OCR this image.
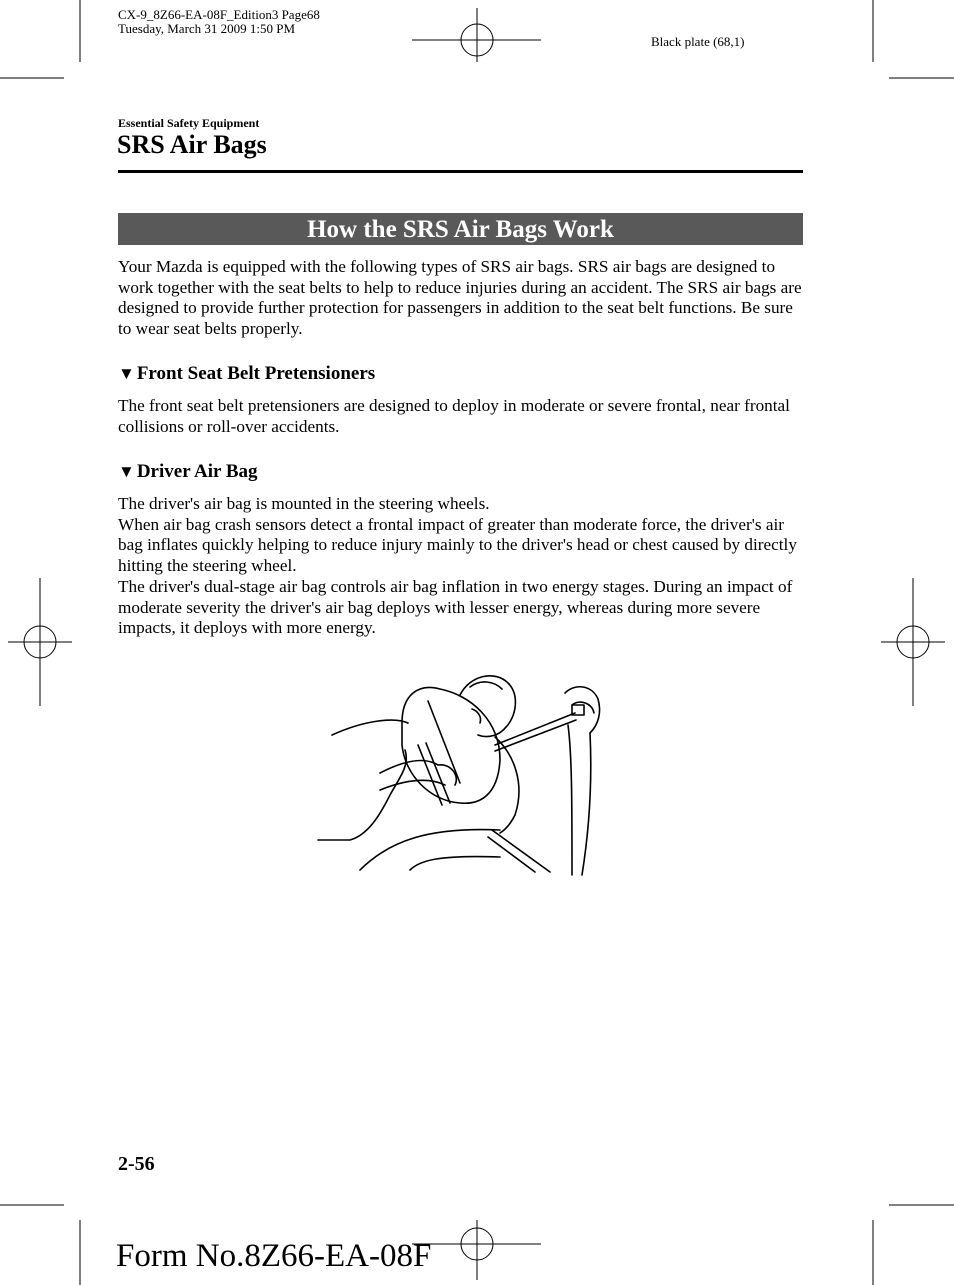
CX-9_8Z66-EA-08F_Edition3 Page68
Tuesday, March 31 2009 1:50 PM
Black plate (68,1)
Essential Safety Equipment
SRS Air Bags
How the SRS Air Bags Work
Your Mazda is equipped with the following types of SRS air bags. SRS air bags are designed to work together with the seat belts to help to reduce injuries during an accident. The SRS air bags are designed to provide further protection for passengers in addition to the seat belt functions. Be sure to wear seat belts properly.
▼ Front Seat Belt Pretensioners

The front seat belt pretensioners are designed to deploy in moderate or severe frontal, near frontal collisions or roll-over accidents.

▼ Driver Air Bag

The driver's air bag is mounted in the steering wheels.

When air bag crash sensors detect a frontal impact of greater than moderate force, the driver's air bag inflates quickly helping to reduce injury mainly to the driver's head or chest caused by directly hitting the steering wheel.

The driver's dual-stage air bag controls air bag inflation in two energy stages. During an impact of moderate severity the driver's air bag deploys with lesser energy, whereas during more severe impacts, it deploys with more energy.

2-56
Form No.8Z66-EA-08F
